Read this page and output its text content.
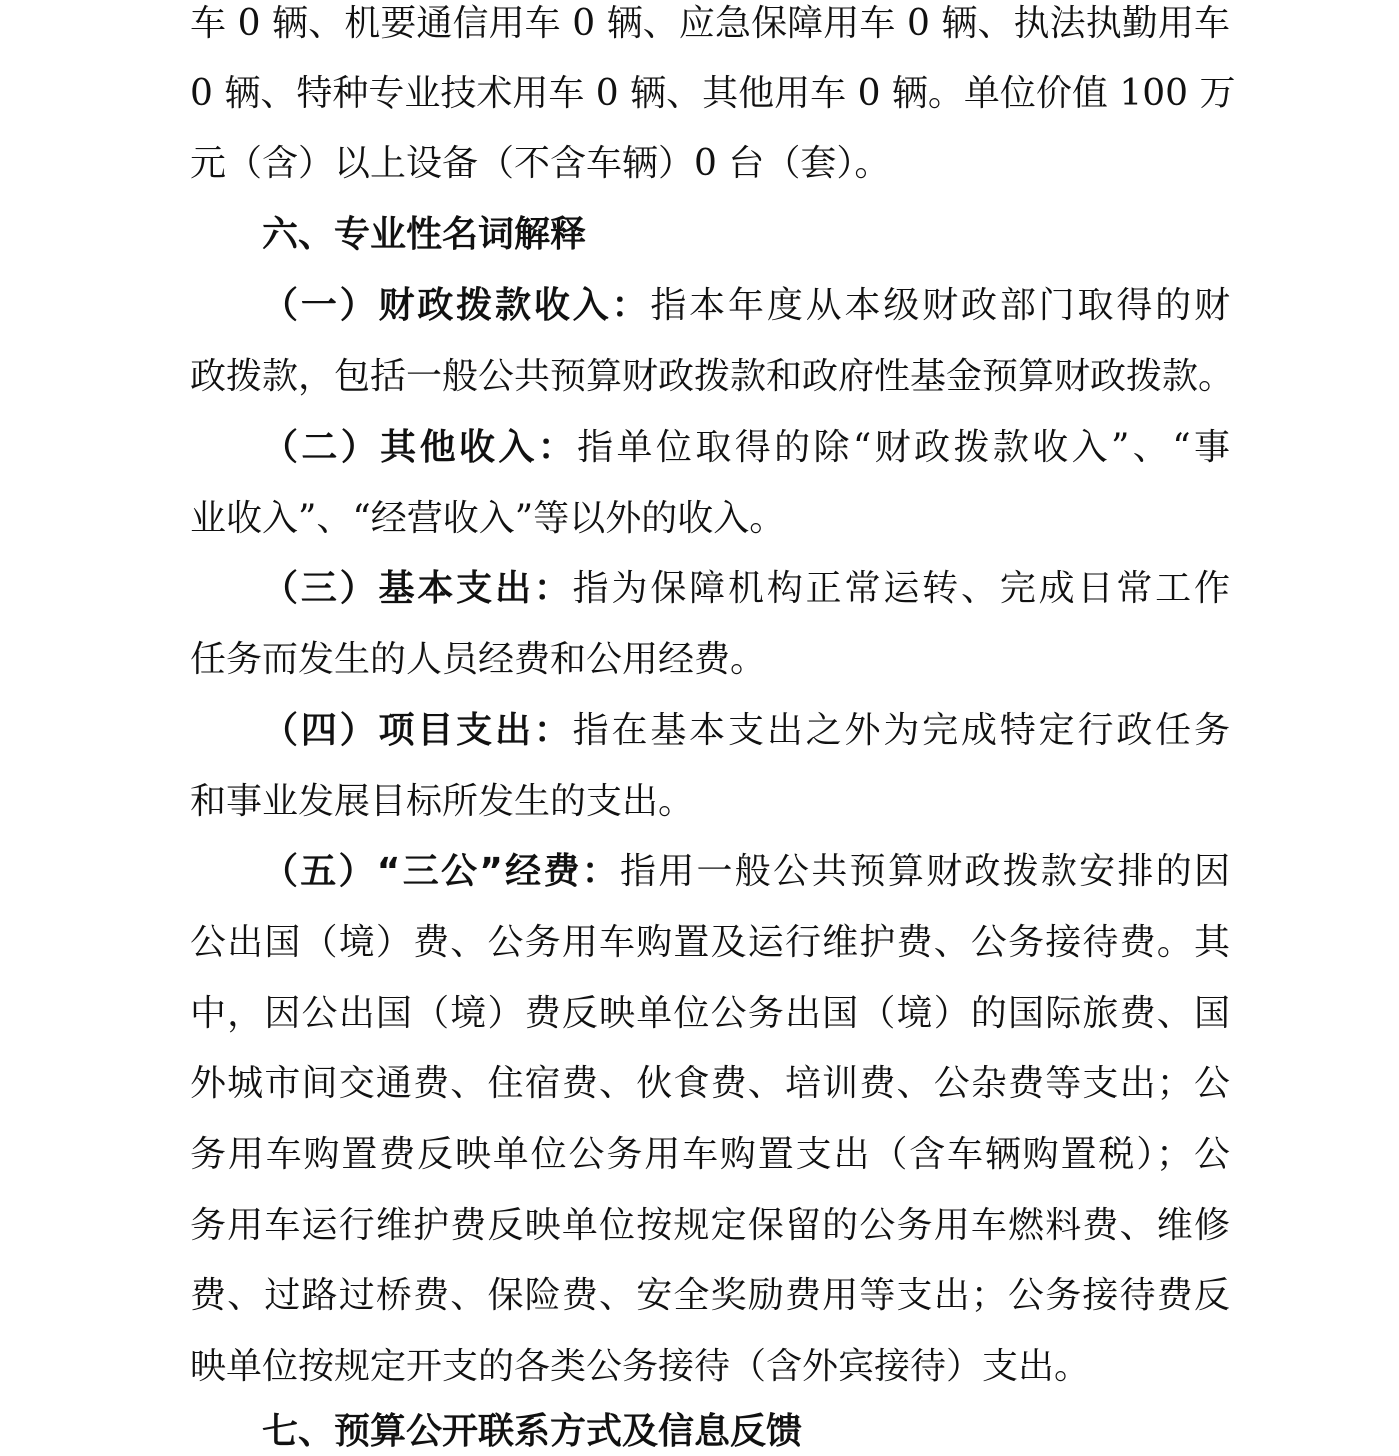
车 0 辆、机要通信用车 0 辆、应急保障用车 0 辆、执法执勤用车
0 辆、特种专业技术用车 0 辆、其他用车 0 辆。单位价值 100 万
元（含）以上设备（不含车辆）0 台（套）。
六、专业性名词解释
（一）财政拨款收入：指本年度从本级财政部门取得的财
政拨款，包括一般公共预算财政拨款和政府性基金预算财政拨款。
（二）其他收入：指单位取得的除“财政拨款收入”、“事
业收入”、“经营收入”等以外的收入。
（三）基本支出：指为保障机构正常运转、完成日常工作
任务而发生的人员经费和公用经费。
（四）项目支出：指在基本支出之外为完成特定行政任务
和事业发展目标所发生的支出。
（五）“三公”经费：指用一般公共预算财政拨款安排的因
公出国（境）费、公务用车购置及运行维护费、公务接待费。其
中，因公出国（境）费反映单位公务出国（境）的国际旅费、国
外城市间交通费、住宿费、伙食费、培训费、公杂费等支出；公
务用车购置费反映单位公务用车购置支出（含车辆购置税）；公
务用车运行维护费反映单位按规定保留的公务用车燃料费、维修
费、过路过桥费、保险费、安全奖励费用等支出；公务接待费反
映单位按规定开支的各类公务接待（含外宾接待）支出。
七、预算公开联系方式及信息反馈
